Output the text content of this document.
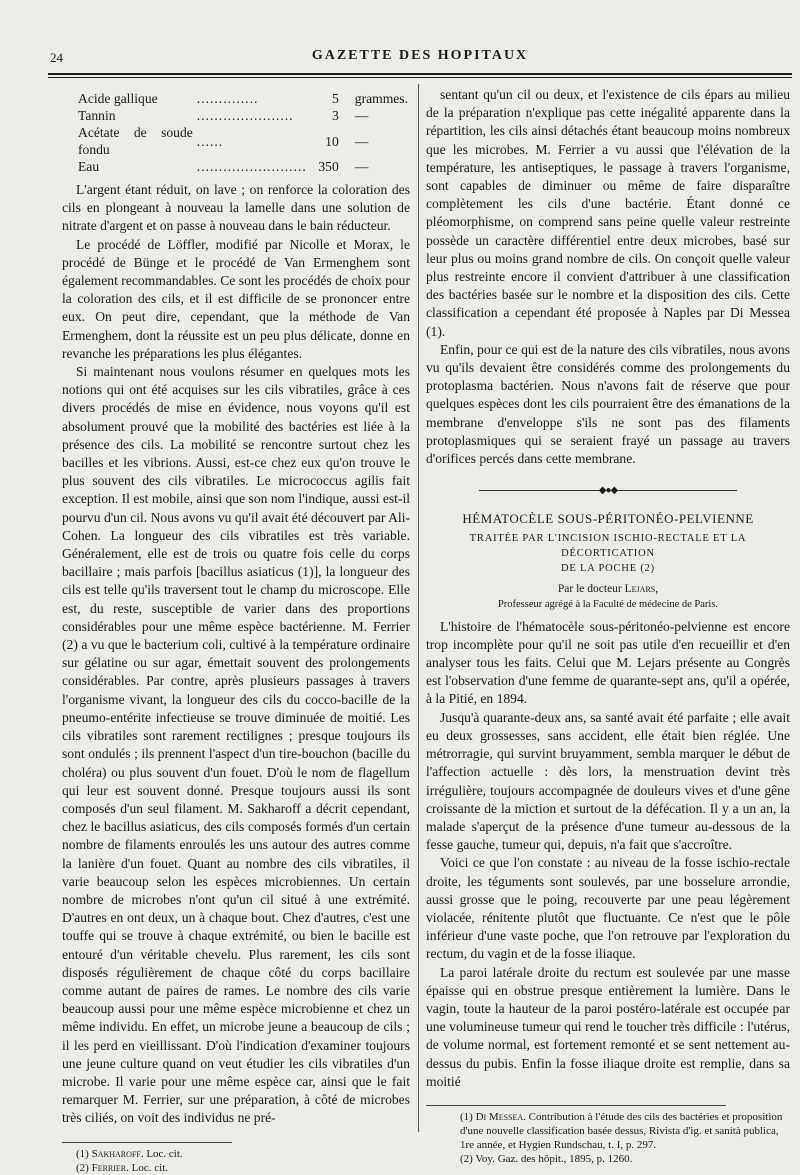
24	GAZETTE DES HOPITAUX
Acide gallique	..............	5	grammes.
Tannin	......................	3	—
Acétate de soude fondu	......	10	—
Eau	.........................	350	—

L'argent étant réduit, on lave ; on renforce la coloration des cils en plongeant à nouveau la lamelle dans une solution de nitrate d'argent et on passe à nouveau dans le bain réducteur.

Le procédé de Löffler, modifié par Nicolle et Morax, le procédé de Bünge et le procédé de Van Ermenghem sont également recommandables. Ce sont les procédés de choix pour la coloration des cils, et il est difficile de se prononcer entre eux. On peut dire, cependant, que la méthode de Van Ermenghem, dont la réussite est un peu plus délicate, donne en revanche les préparations les plus élégantes.

Si maintenant nous voulons résumer en quelques mots les notions qui ont été acquises sur les cils vibratiles, grâce à ces divers procédés de mise en évidence, nous voyons qu'il est absolument prouvé que la mobilité des bactéries est liée à la présence des cils. La mobilité se rencontre surtout chez les bacilles et les vibrions. Aussi, est-ce chez eux qu'on trouve le plus souvent des cils vibratiles. Le micrococcus agilis fait exception. Il est mobile, ainsi que son nom l'indique, aussi est-il pourvu d'un cil. Nous avons vu qu'il avait été découvert par Ali-Cohen. La longueur des cils vibratiles est très variable. Généralement, elle est de trois ou quatre fois celle du corps bacillaire ; mais parfois [bacillus asiaticus (1)], la longueur des cils est telle qu'ils traversent tout le champ du microscope. Elle est, du reste, susceptible de varier dans des proportions considérables pour une même espèce bactérienne. M. Ferrier (2) a vu que le bacterium coli, cultivé à la température ordinaire sur gélatine ou sur agar, émettait souvent des prolongements considérables. Par contre, après plusieurs passages à travers l'organisme vivant, la longueur des cils du cocco-bacille de la pneumo-entérite infectieuse se trouve diminuée de moitié. Les cils vibratiles sont rarement rectilignes ; presque toujours ils sont ondulés ; ils prennent l'aspect d'un tire-bouchon (bacille du choléra) ou plus souvent d'un fouet. D'où le nom de flagellum qui leur est souvent donné. Presque toujours aussi ils sont composés d'un seul filament. M. Sakharoff a décrit cependant, chez le bacillus asiaticus, des cils composés formés d'un certain nombre de filaments enroulés les uns autour des autres comme la lanière d'un fouet. Quant au nombre des cils vibratiles, il varie beaucoup selon les espèces microbiennes. Un certain nombre de microbes n'ont qu'un cil situé à une extrémité. D'autres en ont deux, un à chaque bout. Chez d'autres, c'est une touffe qui se trouve à chaque extrémité, ou bien le bacille est entouré d'un véritable chevelu. Plus rarement, les cils sont disposés régulièrement de chaque côté du corps bacillaire comme autant de paires de rames. Le nombre des cils varie beaucoup aussi pour une même espèce microbienne et chez un même individu. En effet, un microbe jeune a beaucoup de cils ; il les perd en vieillissant. D'où l'indication d'examiner toujours une jeune culture quand on veut étudier les cils vibratiles d'un microbe. Il varie pour une même espèce car, ainsi que le fait remarquer M. Ferrier, sur une préparation, à côté de microbes très ciliés, on voit des individus ne pré-

(1) Sakharoff. Loc. cit.

(2) Ferrier. Loc. cit.

sentant qu'un cil ou deux, et l'existence de cils épars au milieu de la préparation n'explique pas cette inégalité apparente dans la répartition, les cils ainsi détachés étant beaucoup moins nombreux que les microbes. M. Ferrier a vu aussi que l'élévation de la température, les antiseptiques, le passage à travers l'organisme, sont capables de diminuer ou même de faire disparaître complètement les cils d'une bactérie. Étant donné ce pléomorphisme, on comprend sans peine quelle valeur restreinte possède un caractère différentiel entre deux microbes, basé sur leur plus ou moins grand nombre de cils. On conçoit quelle valeur plus restreinte encore il convient d'attribuer à une classification des bactéries basée sur le nombre et la disposition des cils. Cette classification a cependant été proposée à Naples par Di Messea (1).

Enfin, pour ce qui est de la nature des cils vibratiles, nous avons vu qu'ils devaient être considérés comme des prolongements du protoplasma bactérien. Nous n'avons fait de réserve que pour quelques espèces dont les cils pourraient être des émanations de la membrane d'enveloppe s'ils ne sont pas des filaments protoplasmiques qui se seraient frayé un passage au travers d'orifices percés dans cette membrane.

◆●◆
HÉMATOCÈLE SOUS-PÉRITONÉO-PELVIENNE
TRAITÉE PAR L'INCISION ISCHIO-RECTALE ET LA DÉCORTICATION
DE LA POCHE (2)
Par le docteur Lejars,
Professeur agrégé à la Faculté de médecine de Paris.

L'histoire de l'hématocèle sous-péritonéo-pelvienne est encore trop incomplète pour qu'il ne soit pas utile d'en recueillir et d'en analyser tous les faits. Celui que M. Lejars présente au Congrès est l'observation d'une femme de quarante-sept ans, qu'il a opérée, à la Pitié, en 1894.

Jusqu'à quarante-deux ans, sa santé avait été parfaite ; elle avait eu deux grossesses, sans accident, elle était bien réglée. Une métrorragie, qui survint bruyamment, sembla marquer le début de l'affection actuelle : dès lors, la menstruation devint très irrégulière, toujours accompagnée de douleurs vives et d'une gêne croissante de la miction et surtout de la défécation. Il y a un an, la malade s'aperçut de la présence d'une tumeur au-dessous de la fesse gauche, tumeur qui, depuis, n'a fait que s'accroître.

Voici ce que l'on constate : au niveau de la fosse ischio-rectale droite, les téguments sont soulevés, par une bosselure arrondie, aussi grosse que le poing, recouverte par une peau légèrement violacée, rénitente plutôt que fluctuante. Ce n'est que le pôle inférieur d'une vaste poche, que l'on retrouve par l'exploration du rectum, du vagin et de la fosse iliaque.

La paroi latérale droite du rectum est soulevée par une masse épaisse qui en obstrue presque entièrement la lumière. Dans le vagin, toute la hauteur de la paroi postéro-latérale est occupée par une volumineuse tumeur qui rend le toucher très difficile : l'utérus, de volume normal, est fortement remonté et se sent nettement au-dessus du pubis. Enfin la fosse iliaque droite est remplie, dans sa moitié

(1) Di Messea. Contribution à l'étude des cils des bactéries et proposition d'une nouvelle classification basée dessus, Rivista d'ig. et sanità publica, 1re année, et Hygien Rundschau, t. I, p. 297.

(2) Voy. Gaz. des hôpit., 1895, p. 1260.
